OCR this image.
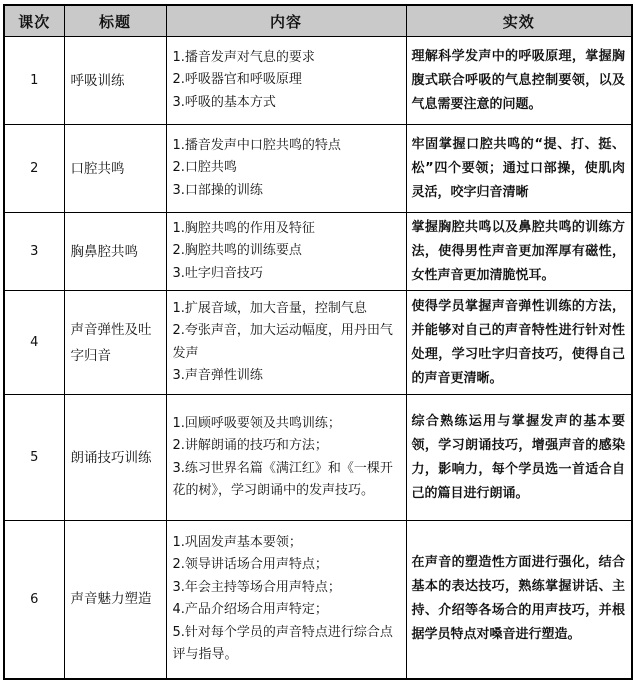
课次	标题	内容	实效
1	呼吸训练	1.播音发声对气息的要求
2.呼吸器官和呼吸原理
3.呼吸的基本方式	理解科学发声中的呼吸原理，掌握胸腹式联合呼吸的气息控制要领，以及气息需要注意的问题。
2	口腔共鸣	1.播音发声中口腔共鸣的特点
2.口腔共鸣
3.口部操的训练	牢固掌握口腔共鸣的“提、打、挺、松”四个要领；通过口部操，使肌肉灵活，咬字归音清晰
3	胸鼻腔共鸣	1.胸腔共鸣的作用及特征
2.胸腔共鸣的训练要点
3.吐字归音技巧	掌握胸腔共鸣以及鼻腔共鸣的训练方法，使得男性声音更加浑厚有磁性，女性声音更加清脆悦耳。
4	声音弹性及吐字归音	1.扩展音域，加大音量，控制气息
2.夸张声音，加大运动幅度，用丹田气发声
3.声音弹性训练	使得学员掌握声音弹性训练的方法，并能够对自己的声音特性进行针对性处理，学习吐字归音技巧，使得自己的声音更清晰。
5	朗诵技巧训练	1.回顾呼吸要领及共鸣训练；
2.讲解朗诵的技巧和方法；
3.练习世界名篇《满江红》和《一棵开花的树》，学习朗诵中的发声技巧。	综合熟练运用与掌握发声的基本要领，学习朗诵技巧，增强声音的感染力，影响力，每个学员选一首适合自己的篇目进行朗诵。
6	声音魅力塑造	1.巩固发声基本要领；
2.领导讲话场合用声特点；
3.年会主持等场合用声特点；
4.产品介绍场合用声特定；
5.针对每个学员的声音特点进行综合点评与指导。	在声音的塑造性方面进行强化，结合基本的表达技巧，熟练掌握讲话、主持、介绍等各场合的用声技巧，并根据学员特点对嗓音进行塑造。
